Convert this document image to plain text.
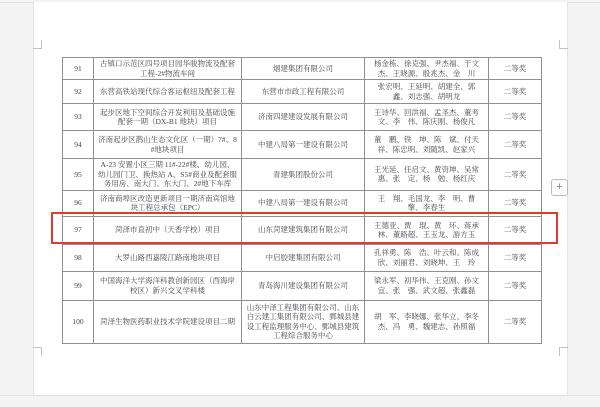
91	古镇口示范区四号项目园华骏物流及配套工程-2#物流车间	烟建集团有限公司	杨金栋、徐克强、尹杰福、于文杰、王晓源、殷兆杰、金　川	二等奖
92	东营高铁站现代综合客运枢纽及配套工程	东营市市政工程有限公司	张宏明、王延明、胡建全、郭　鑫、刘志强、胡明龙	二等奖
93	起步区地下空间综合开发利用及基础设施配套一期（DX-B1 地块）项目	济南四建建设发展有限公司	王诗华、回洪福、孟圣杰、董考文、李　伟、陈庆刚、杨俊凡	二等奖
94	济南起步区鹊山生态文化区（一期）7#、8#地块项目	中建八局第一建设有限公司	董　鹏、铁　坤、陈　斌、付天祥、陈忠明、刘随凯、赵家兴	二等奖
95	A-23 安置小区三期 11#-22#楼、幼儿园、幼儿园门卫、换热站 A、S5#商业及配套服务用房、南大门、东大门、2#地下车库	青建集团股份公司	王光延、任启文、黄资坤、吴常惠、张　定、杨　勉、杨红庆	二等奖
96	济南商埠区改造更新项目一期济南宾馆地块工程总承包（EPC）	中建八局第一建设有限公司	王　翔、毛国龙、李　明、曹　擎、李春生	二等奖
97	菏泽市直初中（天香学校）项目	山东菏建建筑集团有限公司	王德亚、贾　琨、黄　环、蒋承林、董路超、王玉龙、游方玉	二等奖
98	大罗山路西嘉陵江路南地块项目	中启胶建集团有限公司	孔祥勇、陈　浩、叶云和、陈成欣、刘丽君、刘晓坤、王　玲	二等奖
99	中国海洋大学海洋科教创新园区（西海岸校区）新兴交叉学科楼	青岛海川建设集团有限公司	梁永军、初华伟、王克刚、孙文宜、张　强、武文超、张鑫磊	二等奖
100	菏泽生物医药职业技术学院建设项目二期	山东中泽工程集团有限公司、山东白云建工集团有限公司、鄄城县建设工程监理服务中心、鄄城县建筑工程综合服务中心	胡　军、李晓娜、张华立、李冬杰、冯　勇、魏建志、孙照福	二等奖
+
